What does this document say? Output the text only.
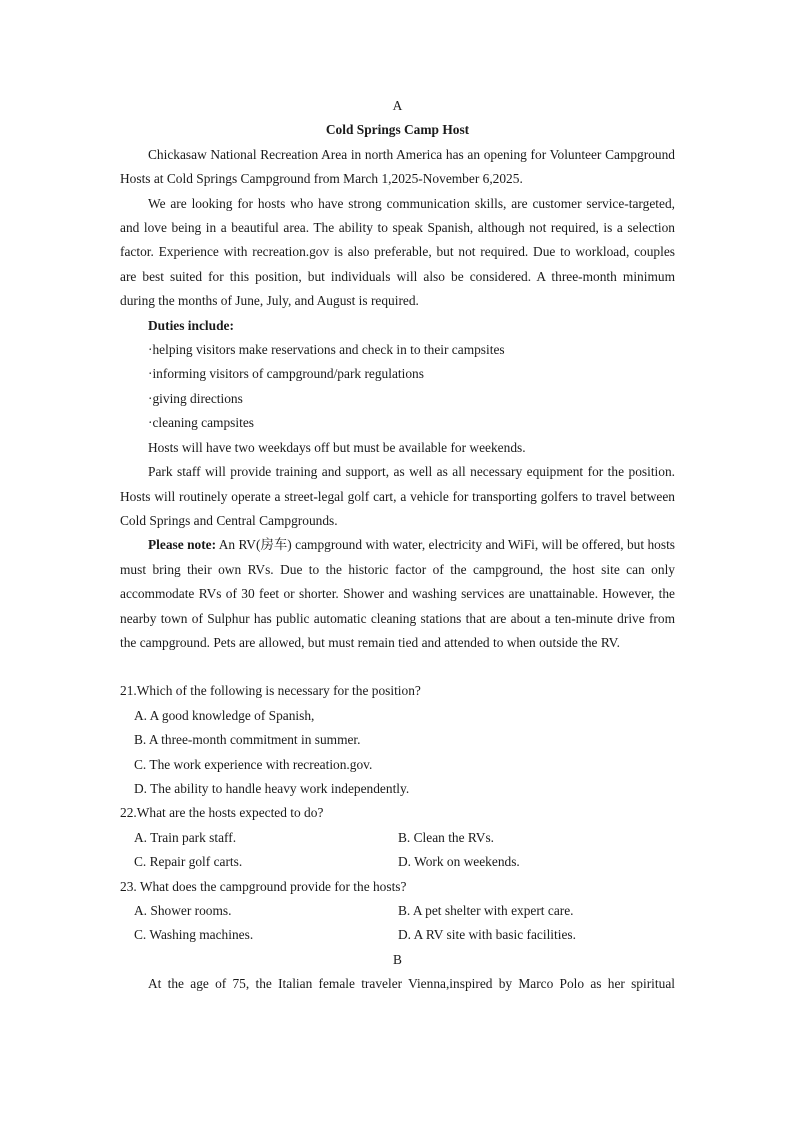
A
Cold Springs Camp Host

Chickasaw National Recreation Area in north America has an opening for Volunteer Campground Hosts at Cold Springs Campground from March 1,2025-November 6,2025.

We are looking for hosts who have strong communication skills, are customer service-targeted, and love being in a beautiful area. The ability to speak Spanish, although not required, is a selection factor. Experience with recreation.gov is also preferable, but not required. Due to workload, couples are best suited for this position, but individuals will also be considered. A three-month minimum during the months of June, July, and August is required.

Duties include:

·helping visitors make reservations and check in to their campsites

·informing visitors of campground/park regulations

·giving directions

·cleaning campsites

Hosts will have two weekdays off but must be available for weekends.

Park staff will provide training and support, as well as all necessary equipment for the position. Hosts will routinely operate a street-legal golf cart, a vehicle for transporting golfers to travel between Cold Springs and Central Campgrounds.

Please note: An RV(房车) campground with water, electricity and WiFi, will be offered, but hosts must bring their own RVs. Due to the historic factor of the campground, the host site can only accommodate RVs of 30 feet or shorter. Shower and washing services are unattainable. However, the nearby town of Sulphur has public automatic cleaning stations that are about a ten-minute drive from the campground. Pets are allowed, but must remain tied and attended to when outside the RV.

21.Which of the following is necessary for the position?

A. A good knowledge of Spanish,

B. A three-month commitment in summer.

C. The work experience with recreation.gov.

D. The ability to handle heavy work independently.

22.What are the hosts expected to do?

A. Train park staff.	B. Clean the RVs.
C. Repair golf carts.	D. Work on weekends.

23. What does the campground provide for the hosts?

A. Shower rooms.	B. A pet shelter with expert care.
C. Washing machines.	D. A RV site with basic facilities.
B

At the age of 75, the Italian female traveler Vienna,inspired by Marco Polo as her spiritual
